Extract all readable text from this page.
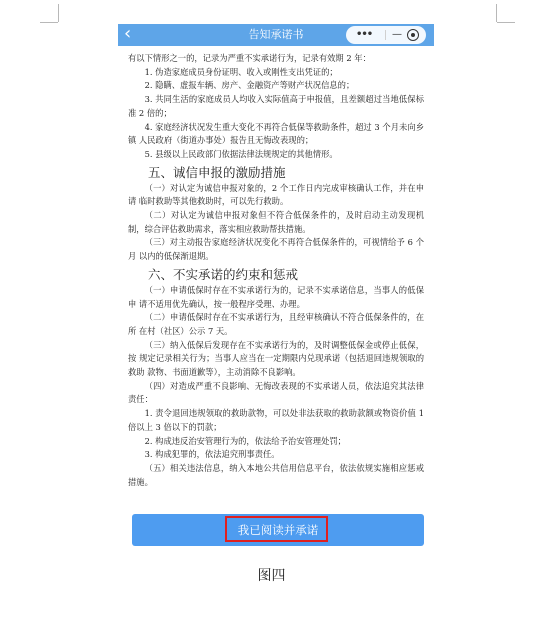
‹	告知承诺书	••• —

有以下情形之一的，记录为严重不实承诺行为，记录有效期 2 年：

1. 伪造家庭成员身份证明、收入或刚性支出凭证的；

2. 隐瞒、虚报车辆、房产、金融资产等财产状况信息的；

3. 共同生活的家庭成员人均收入实际值高于申报值，且差额超过当地低保标准 2 倍的；

4. 家庭经济状况发生重大变化不再符合低保等救助条件，超过 3 个月未向乡镇 人民政府（街道办事处）报告且无悔改表现的；

5. 县级以上民政部门依据法律法规规定的其他情形。

五、诚信申报的激励措施

（一）对认定为诚信申报对象的，2 个工作日内完成审核确认工作，并在申请 临时救助等其他救助时，可以先行救助。

（二）对认定为诚信申报对象但不符合低保条件的，及时启动主动发现机制，综合评估救助需求，落实相应救助帮扶措施。

（三）对主动报告家庭经济状况变化不再符合低保条件的，可视情给予 6 个月 以内的低保渐退期。

六、不实承诺的约束和惩戒

（一）申请低保时存在不实承诺行为的，记录不实承诺信息，当事人的低保申 请不适用优先确认，按一般程序受理、办理。

（二）申请低保时存在不实承诺行为，且经审核确认不符合低保条件的，在所 在村（社区）公示 7 天。

（三）纳入低保后发现存在不实承诺行为的，及时调整低保金或停止低保，按 规定记录相关行为；当事人应当在一定期限内兑现承诺（包括退回违规领取的救助 款物、书面道歉等），主动消除不良影响。

（四）对造成严重不良影响、无悔改表现的不实承诺人员，依法追究其法律责任：

1. 责令退回违规领取的救助款物，可以处非法获取的救助款额或物资价值 1 倍以上 3 倍以下的罚款；

2. 构成违反治安管理行为的，依法给予治安管理处罚；

3. 构成犯罪的，依法追究刑事责任。

（五）相关违法信息，纳入本地公共信用信息平台，依法依规实施相应惩戒措施。

我已阅读并承诺
图四
